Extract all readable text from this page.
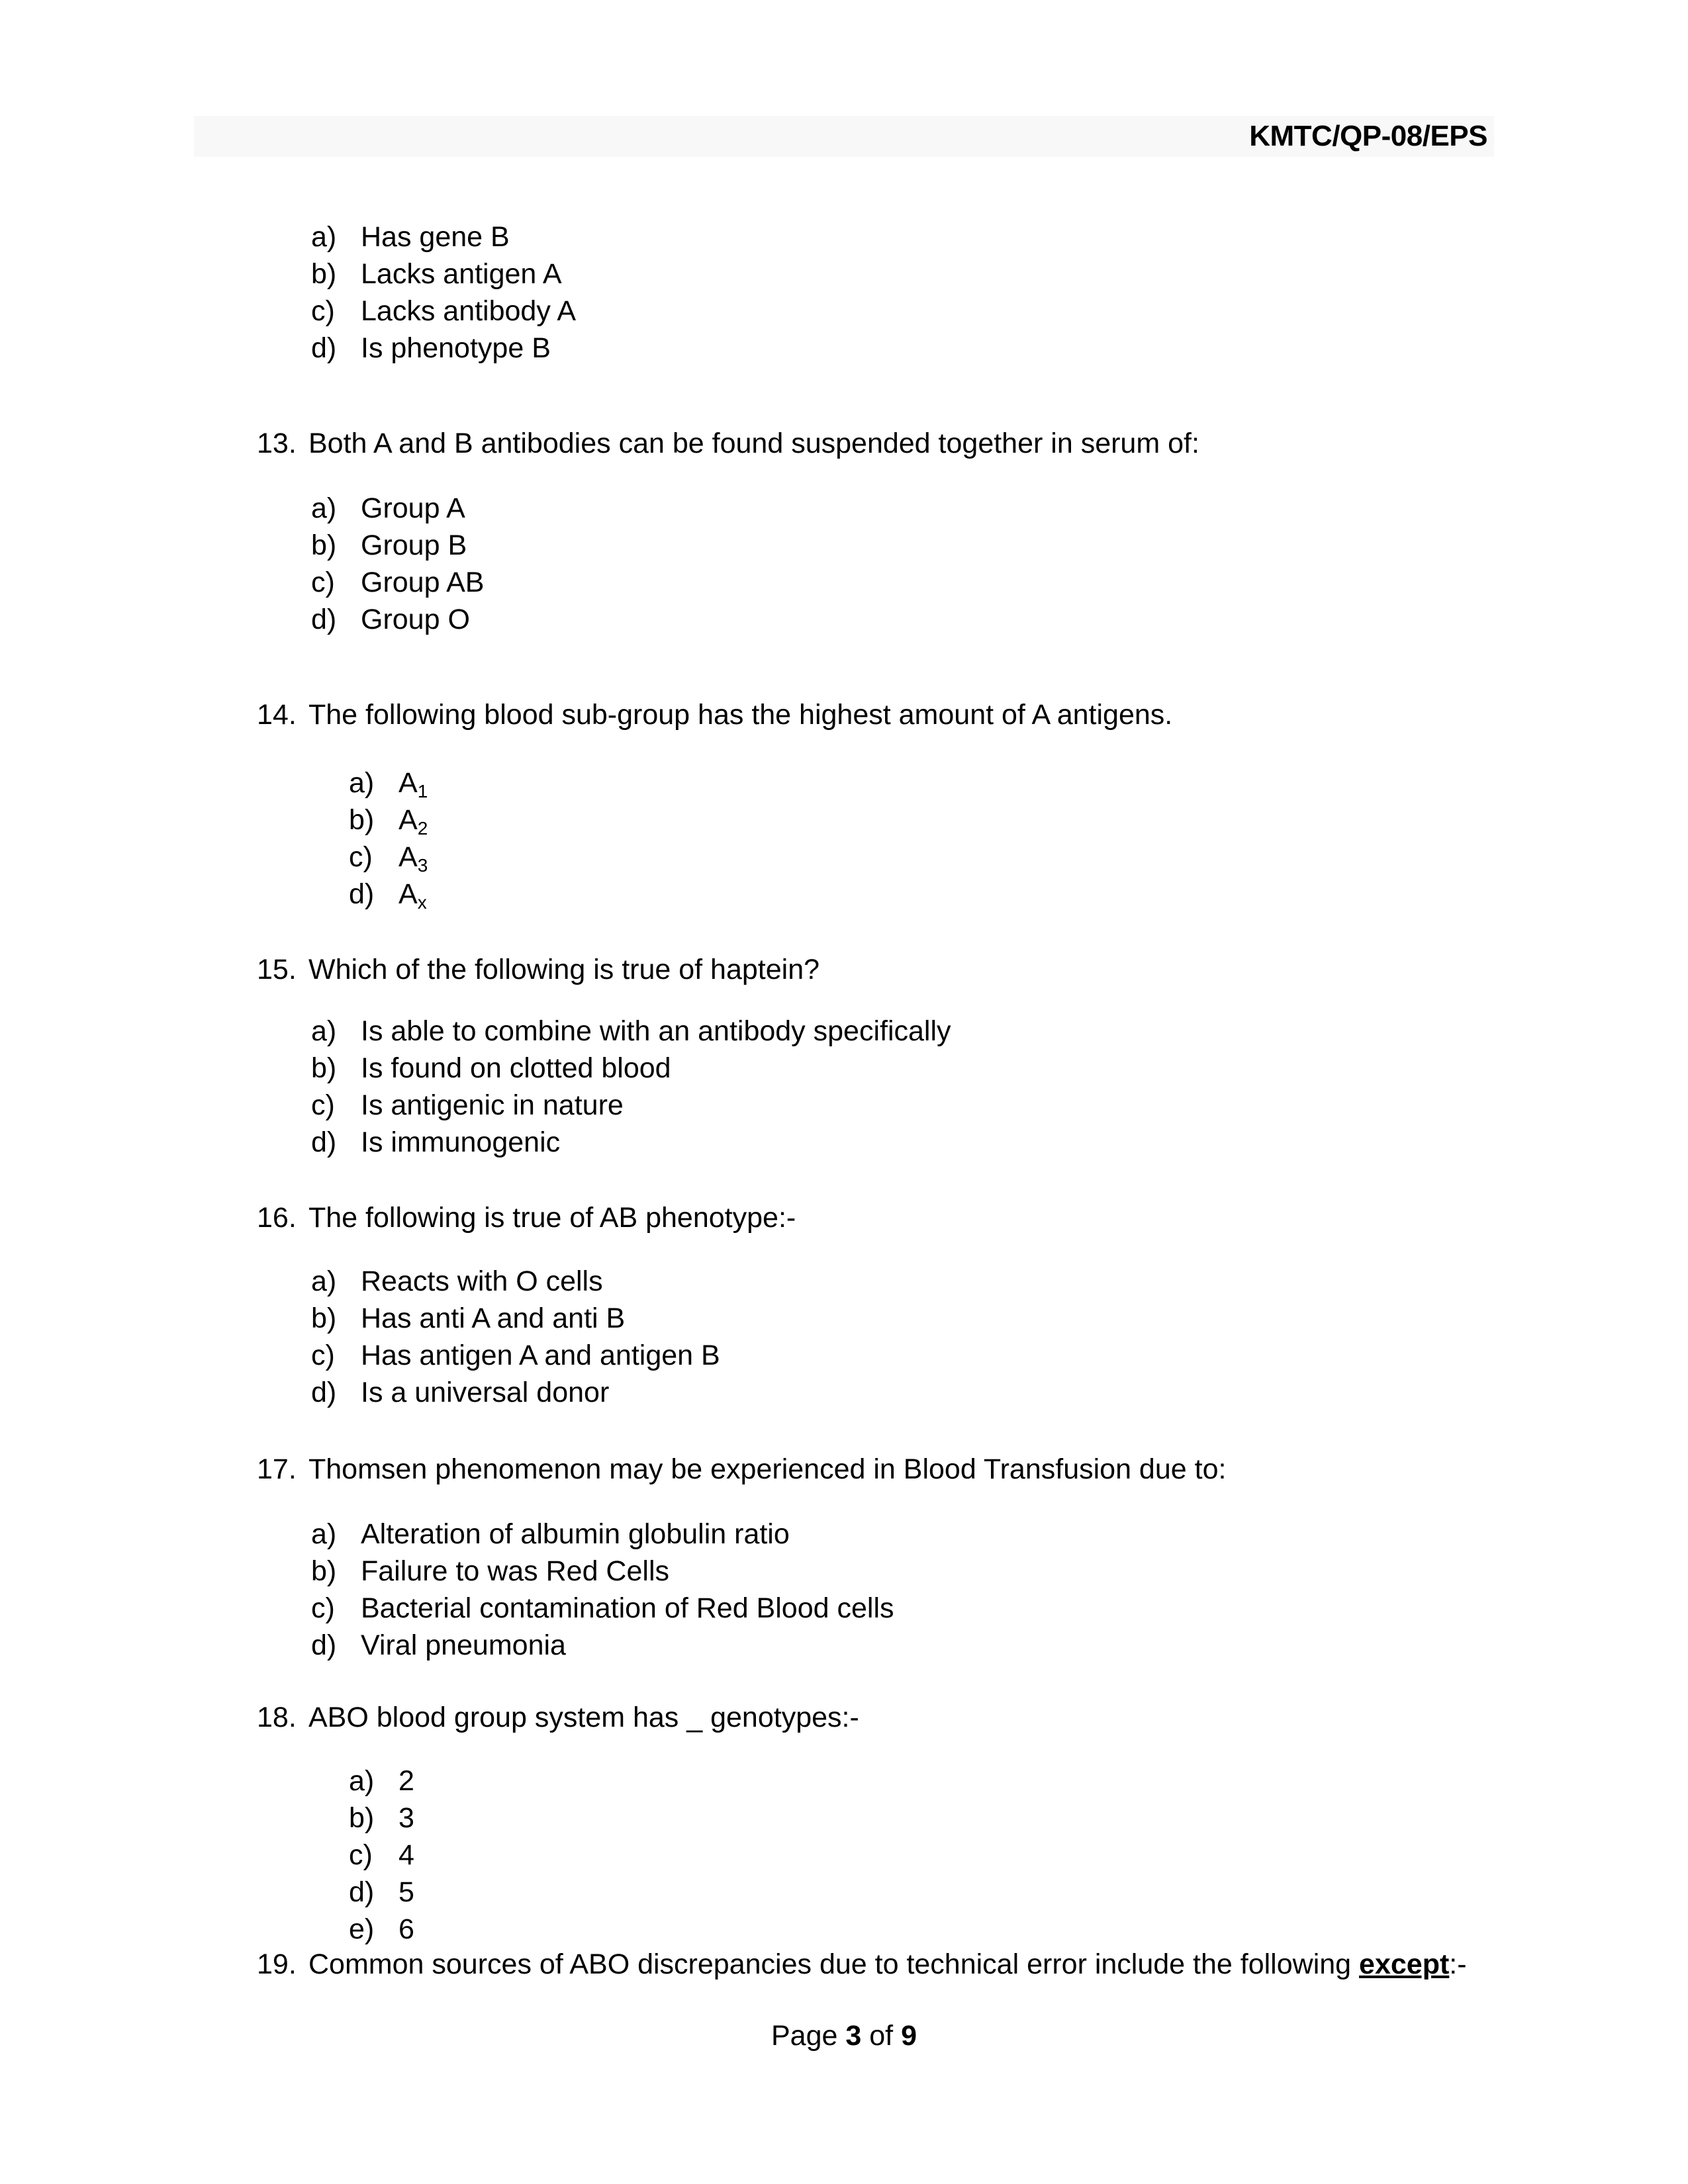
KMTC/QP-08/EPS
a) Has gene B
b) Lacks antigen A
c) Lacks antibody A
d) Is phenotype B
13. Both A and B antibodies can be found suspended together in serum of:
a) Group A
b) Group B
c) Group AB
d) Group O
14. The following blood sub-group has the highest amount of A antigens.
a) A1
b) A2
c) A3
d) Ax
15. Which of the following is true of haptein?
a) Is able to combine with an antibody specifically
b) Is found on clotted blood
c) Is antigenic in nature
d) Is immunogenic
16. The following is true of AB phenotype:-
a) Reacts with O cells
b) Has anti A and anti B
c) Has antigen A and antigen B
d) Is a universal donor
17. Thomsen phenomenon may be experienced in Blood Transfusion due to:
a) Alteration of albumin globulin ratio
b) Failure to was Red Cells
c) Bacterial contamination of Red Blood cells
d) Viral pneumonia
18. ABO blood group system has _ genotypes:-
a) 2
b) 3
c) 4
d) 5
e) 6
19. Common sources of ABO discrepancies due to technical error include the following except:-
Page 3 of 9
